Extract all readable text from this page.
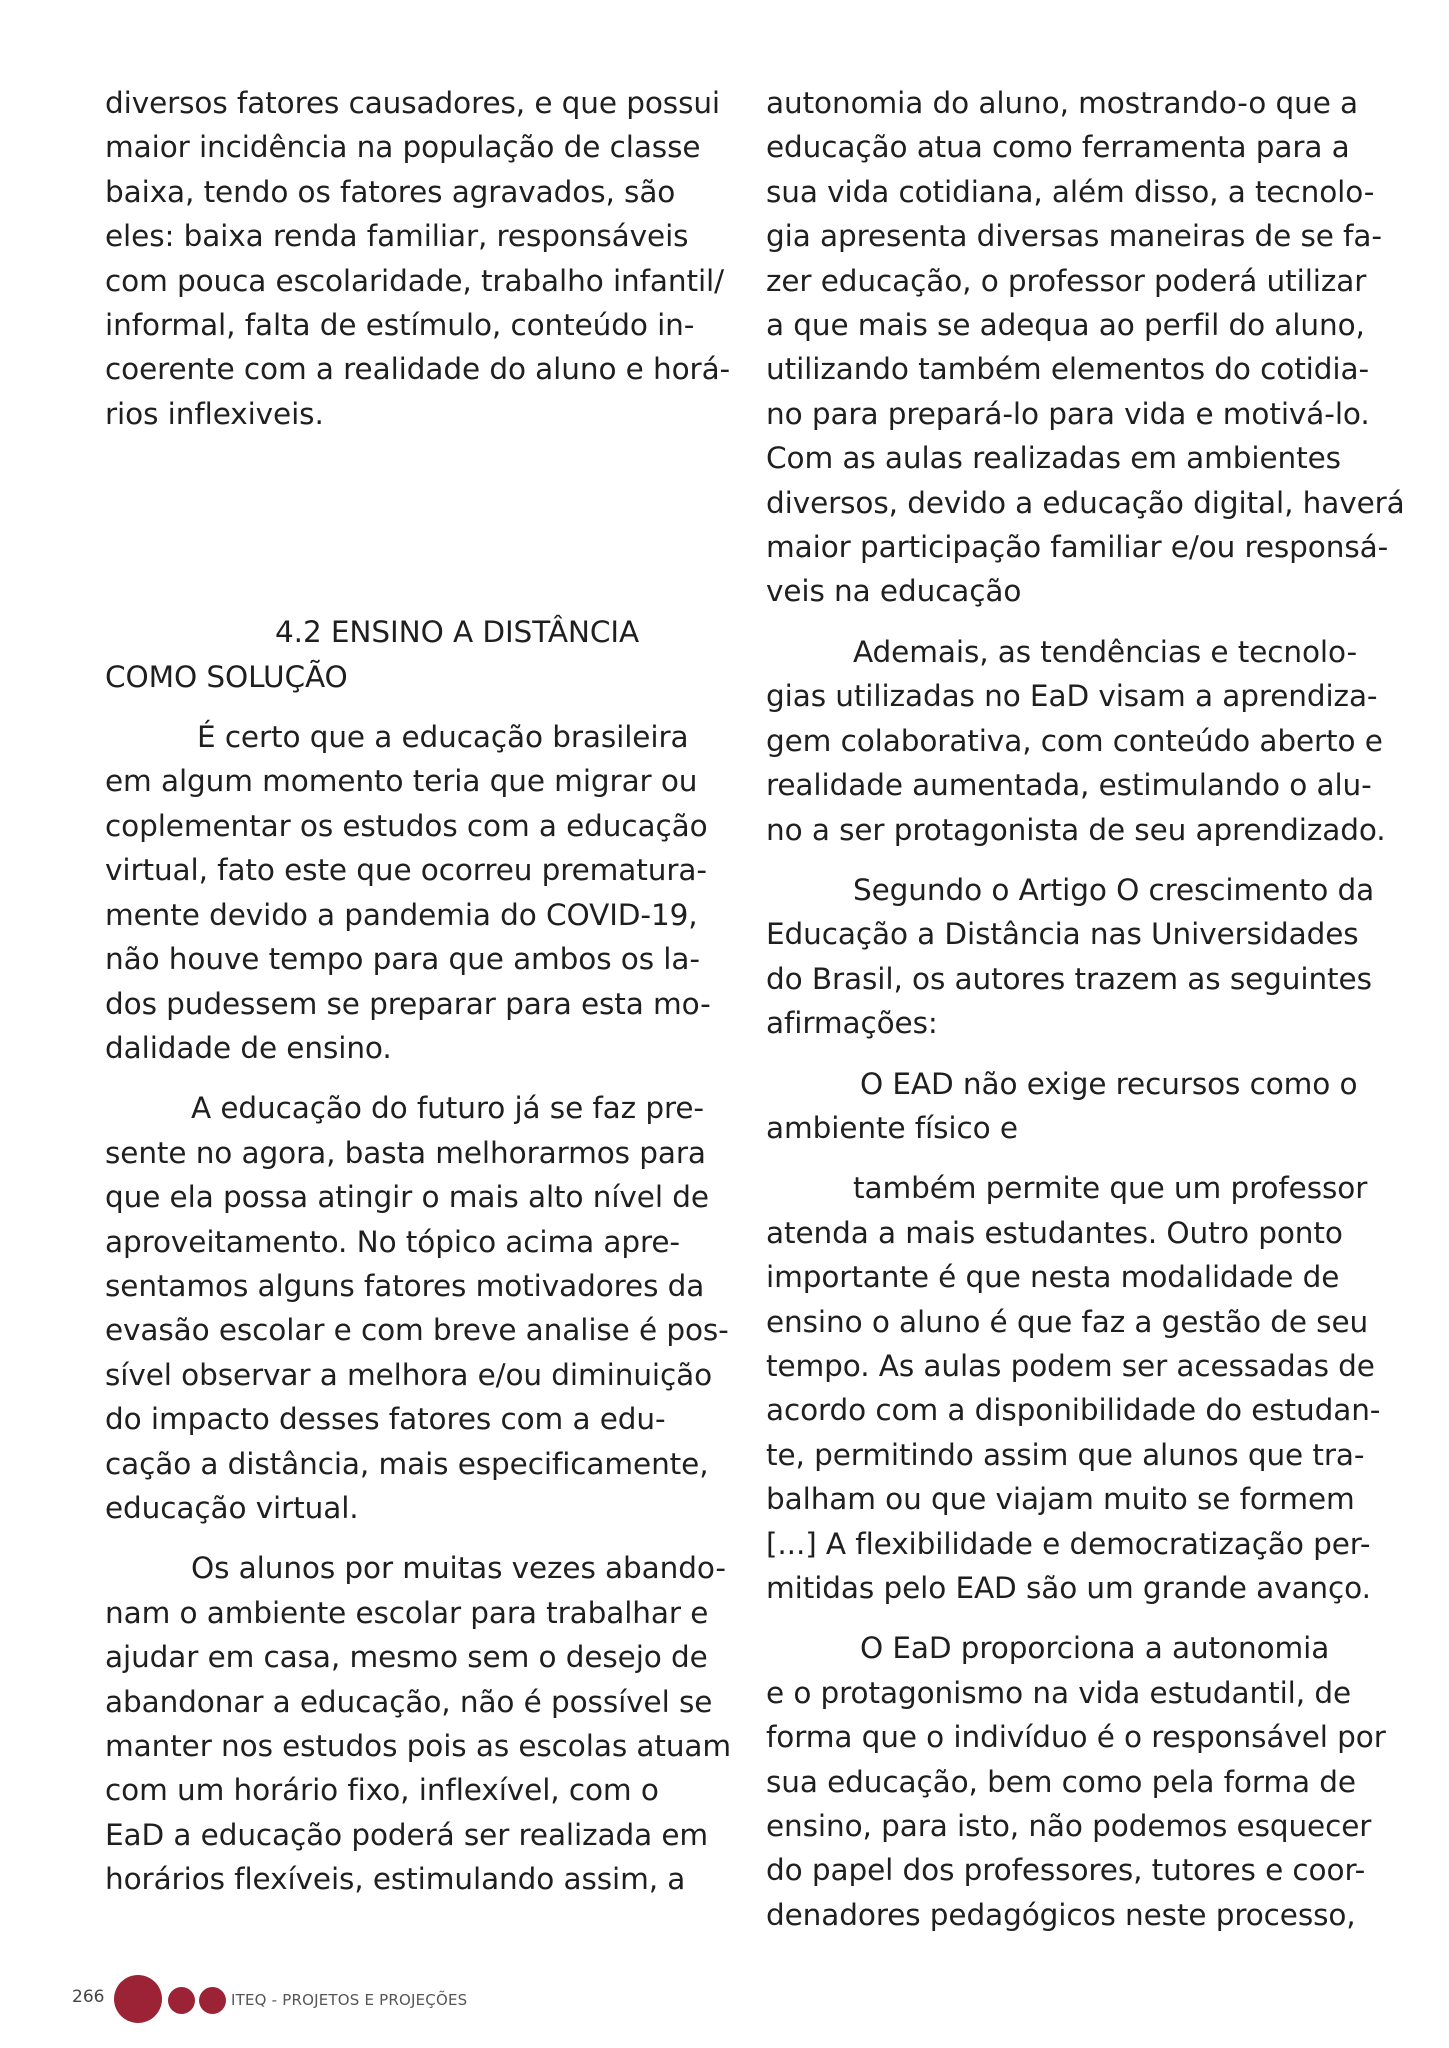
diversos fatores causadores, e que possui
maior incidência na população de classe
baixa, tendo os fatores agravados, são
eles: baixa renda familiar, responsáveis
com pouca escolaridade, trabalho infantil/
informal, falta de estímulo, conteúdo in-
coerente com a realidade do aluno e horá-
rios inflexiveis.
4.2 ENSINO A DISTÂNCIA
COMO SOLUÇÃO
É certo que a educação brasileira
em algum momento teria que migrar ou
coplementar os estudos com a educação
virtual, fato este que ocorreu prematura-
mente devido a pandemia do COVID-19,
não houve tempo para que ambos os la-
dos pudessem se preparar para esta mo-
dalidade de ensino.
A educação do futuro já se faz pre-
sente no agora, basta melhorarmos para
que ela possa atingir o mais alto nível de
aproveitamento. No tópico acima apre-
sentamos alguns fatores motivadores da
evasão escolar e com breve analise é pos-
sível observar a melhora e/ou diminuição
do impacto desses fatores com a edu-
cação a distância, mais especificamente,
educação virtual.
Os alunos por muitas vezes abando-
nam o ambiente escolar para trabalhar e
ajudar em casa, mesmo sem o desejo de
abandonar a educação, não é possível se
manter nos estudos pois as escolas atuam
com um horário fixo, inflexível, com o
EaD a educação poderá ser realizada em
horários flexíveis, estimulando assim, a
autonomia do aluno, mostrando-o que a
educação atua como ferramenta para a
sua vida cotidiana, além disso, a tecnolo-
gia apresenta diversas maneiras de se fa-
zer educação, o professor poderá utilizar
a que mais se adequa ao perfil do aluno,
utilizando também elementos do cotidia-
no para prepará-lo para vida e motivá-lo.
Com as aulas realizadas em ambientes
diversos, devido a educação digital, haverá
maior participação familiar e/ou responsá-
veis na educação
Ademais, as tendências e tecnolo-
gias utilizadas no EaD visam a aprendiza-
gem colaborativa, com conteúdo aberto e
realidade aumentada, estimulando o alu-
no a ser protagonista de seu aprendizado.
Segundo o Artigo O crescimento da
Educação a Distância nas Universidades
do Brasil, os autores trazem as seguintes
afirmações:
O EAD não exige recursos como o
ambiente físico e
também permite que um professor
atenda a mais estudantes. Outro ponto
importante é que nesta modalidade de
ensino o aluno é que faz a gestão de seu
tempo. As aulas podem ser acessadas de
acordo com a disponibilidade do estudan-
te, permitindo assim que alunos que tra-
balham ou que viajam muito se formem
[...] A flexibilidade e democratização per-
mitidas pelo EAD são um grande avanço.
O EaD proporciona a autonomia
e o protagonismo na vida estudantil, de
forma que o indivíduo é o responsável por
sua educação, bem como pela forma de
ensino, para isto, não podemos esquecer
do papel dos professores, tutores e coor-
denadores pedagógicos neste processo,
266	ITEQ - PROJETOS E PROJEÇÕES
